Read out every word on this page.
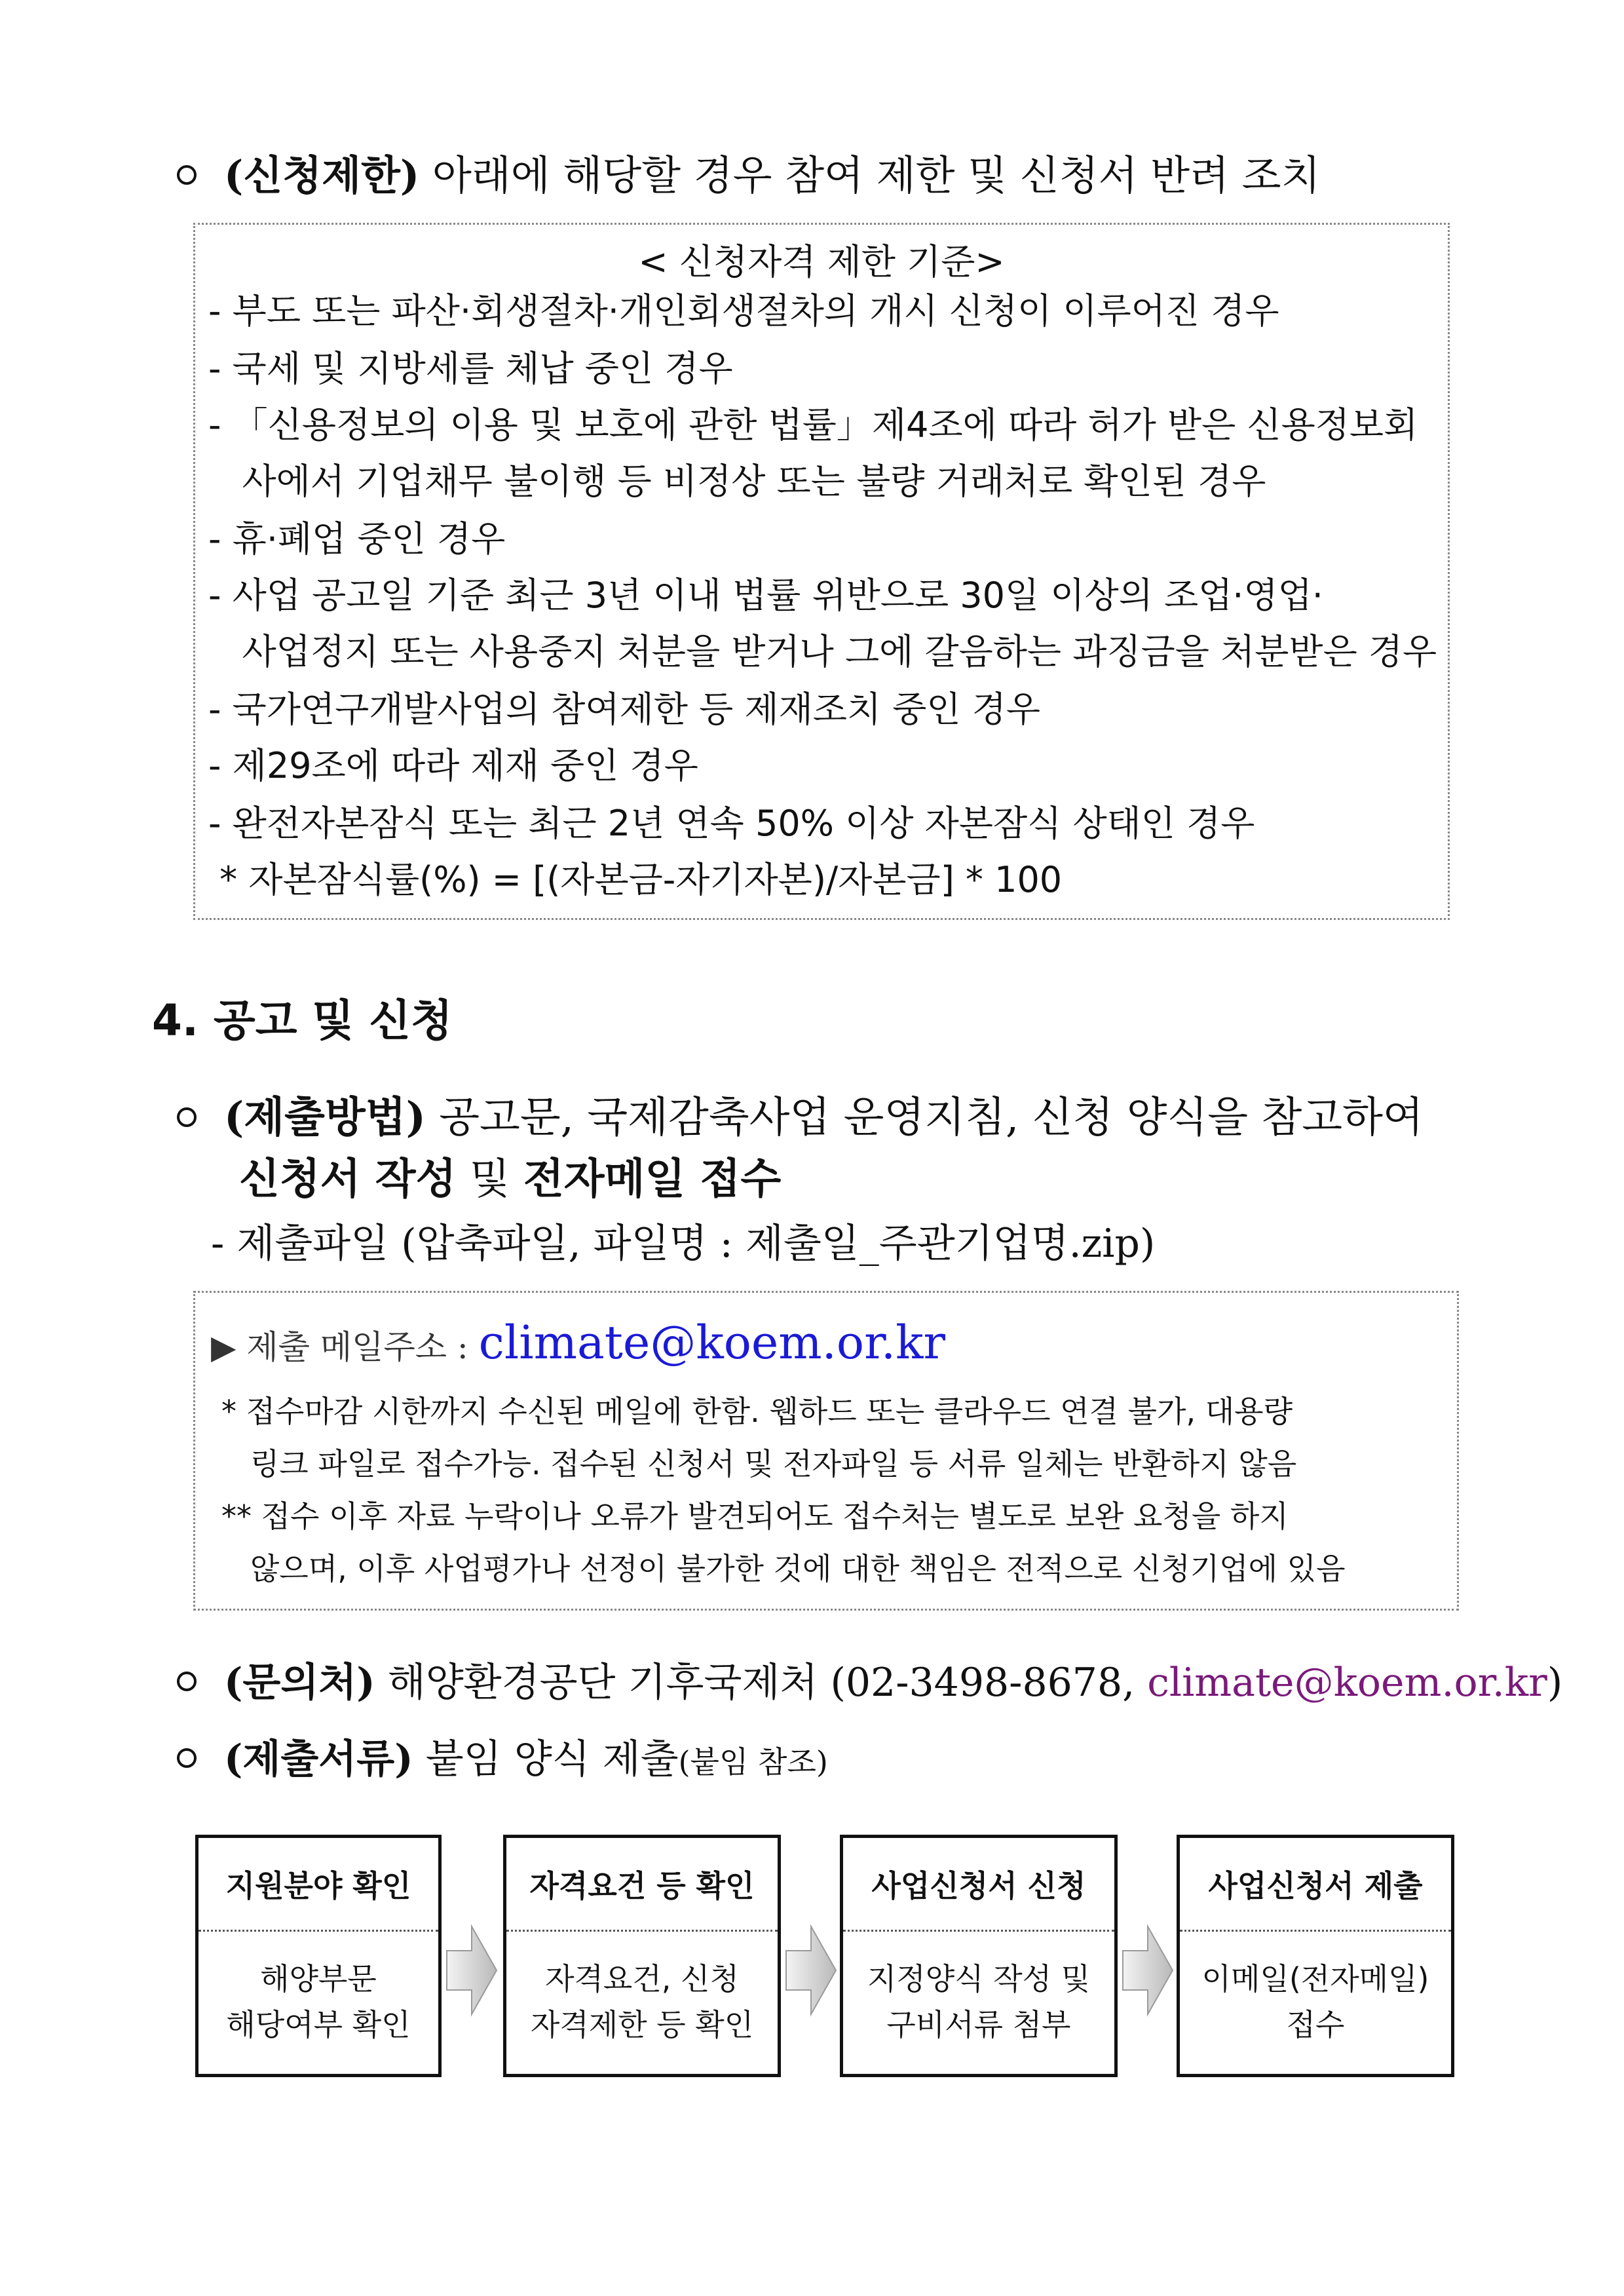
(신청제한) 아래에 해당할 경우 참여 제한 및 신청서 반려 조치
< 신청자격 제한 기준>
- 부도 또는 파산·회생절차·개인회생절차의 개시 신청이 이루어진 경우
- 국세 및 지방세를 체납 중인 경우
- 「신용정보의 이용 및 보호에 관한 법률」제4조에 따라 허가 받은 신용정보회
사에서 기업채무 불이행 등 비정상 또는 불량 거래처로 확인된 경우
- 휴·폐업 중인 경우
- 사업 공고일 기준 최근 3년 이내 법률 위반으로 30일 이상의 조업·영업·
사업정지 또는 사용중지 처분을 받거나 그에 갈음하는 과징금을 처분받은 경우
- 국가연구개발사업의 참여제한 등 제재조치 중인 경우
- 제29조에 따라 제재 중인 경우
- 완전자본잠식 또는 최근 2년 연속 50% 이상 자본잠식 상태인 경우
* 자본잠식률(%) = [(자본금-자기자본)/자본금] * 100
4. 공고 및 신청
(제출방법) 공고문, 국제감축사업 운영지침, 신청 양식을 참고하여
신청서 작성 및 전자메일 접수
- 제출파일 (압축파일, 파일명 : 제출일_주관기업명.zip)
▶ 제출 메일주소 : climate@koem.or.kr
* 접수마감 시한까지 수신된 메일에 한함. 웹하드 또는 클라우드 연결 불가, 대용량
링크 파일로 접수가능. 접수된 신청서 및 전자파일 등 서류 일체는 반환하지 않음
** 접수 이후 자료 누락이나 오류가 발견되어도 접수처는 별도로 보완 요청을 하지
않으며, 이후 사업평가나 선정이 불가한 것에 대한 책임은 전적으로 신청기업에 있음
(문의처) 해양환경공단 기후국제처 (02-3498-8678, climate@koem.or.kr)
(제출서류) 붙임 양식 제출(붙임 참조)
지원분야 확인
해양부문
해당여부 확인
자격요건 등 확인
자격요건, 신청
자격제한 등 확인
사업신청서 신청
지정양식 작성 및
구비서류 첨부
사업신청서 제출
이메일(전자메일)
접수
